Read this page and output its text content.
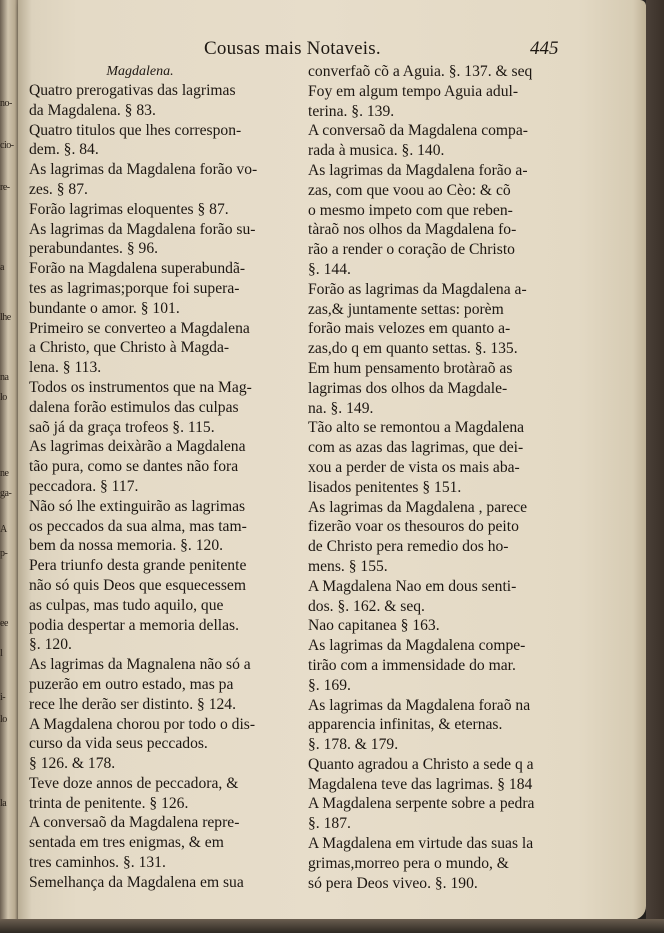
no-
cio-
re-
a
lhe
na
lo
ne
ga-
A
p-
ee
l
i-
lo
la
Cousas mais Notaveis.	445
Magdalena.
Quatro prerogativas das lagrimas
da Magdalena. § 83.
Quatro titulos que lhes correspon-
dem. §. 84.
As lagrimas da Magdalena forão vo-
zes. § 87.
Forão lagrimas eloquentes § 87.
As lagrimas da Magdalena forão su-
perabundantes. § 96.
Forão na Magdalena superabundã-
tes as lagrimas;porque foi supera-
bundante o amor. § 101.
Primeiro se converteo a Magdalena
a Christo, que Christo à Magda-
lena. § 113.
Todos os instrumentos que na Mag-
dalena forão estimulos das culpas
saõ já da graça trofeos §. 115.
As lagrimas deixàrão a Magdalena
tão pura, como se dantes não fora
peccadora. § 117.
Não só lhe extinguirão as lagrimas
os peccados da sua alma, mas tam-
bem da nossa memoria. §. 120.
Pera triunfo desta grande penitente
não só quis Deos que esquecessem
as culpas, mas tudo aquilo, que
podia despertar a memoria dellas.
§. 120.
As lagrimas da Magnalena não só a
puzerão em outro estado, mas pa
rece lhe derão ser distinto. § 124.
A Magdalena chorou por todo o dis-
curso da vida seus peccados.
§ 126. & 178.
Teve doze annos de peccadora, &
trinta de penitente. § 126.
A conversaõ da Magdalena repre-
sentada em tres enigmas, & em
tres caminhos. §. 131.
Semelhança da Magdalena em sua
converfaõ cõ a Aguia. §. 137. & seq
Foy em algum tempo Aguia adul-
terina. §. 139.
A conversaõ da Magdalena compa-
rada à musica. §. 140.
As lagrimas da Magdalena forão a-
zas, com que voou ao Cèo: & cõ
o mesmo impeto com que reben-
tàraõ nos olhos da Magdalena fo-
rão a render o coração de Christo
§. 144.
Forão as lagrimas da Magdalena a-
zas,& juntamente settas: porèm
forão mais velozes em quanto a-
zas,do q em quanto settas. §. 135.
Em hum pensamento brotàraõ as
lagrimas dos olhos da Magdale-
na. §. 149.
Tão alto se remontou a Magdalena
com as azas das lagrimas, que dei-
xou a perder de vista os mais aba-
lisados penitentes § 151.
As lagrimas da Magdalena , parece
fizerão voar os thesouros do peito
de Christo pera remedio dos ho-
mens. § 155.
A Magdalena Nao em dous senti-
dos. §. 162. & seq.
Nao capitanea § 163.
As lagrimas da Magdalena compe-
tirão com a immensidade do mar.
§. 169.
As lagrimas da Magdalena foraõ na
apparencia infinitas, & eternas.
§. 178. & 179.
Quanto agradou a Christo a sede q a
Magdalena teve das lagrimas. § 184
A Magdalena serpente sobre a pedra
§. 187.
A Magdalena em virtude das suas la
grimas,morreo pera o mundo, &
só pera Deos viveo. §. 190.
